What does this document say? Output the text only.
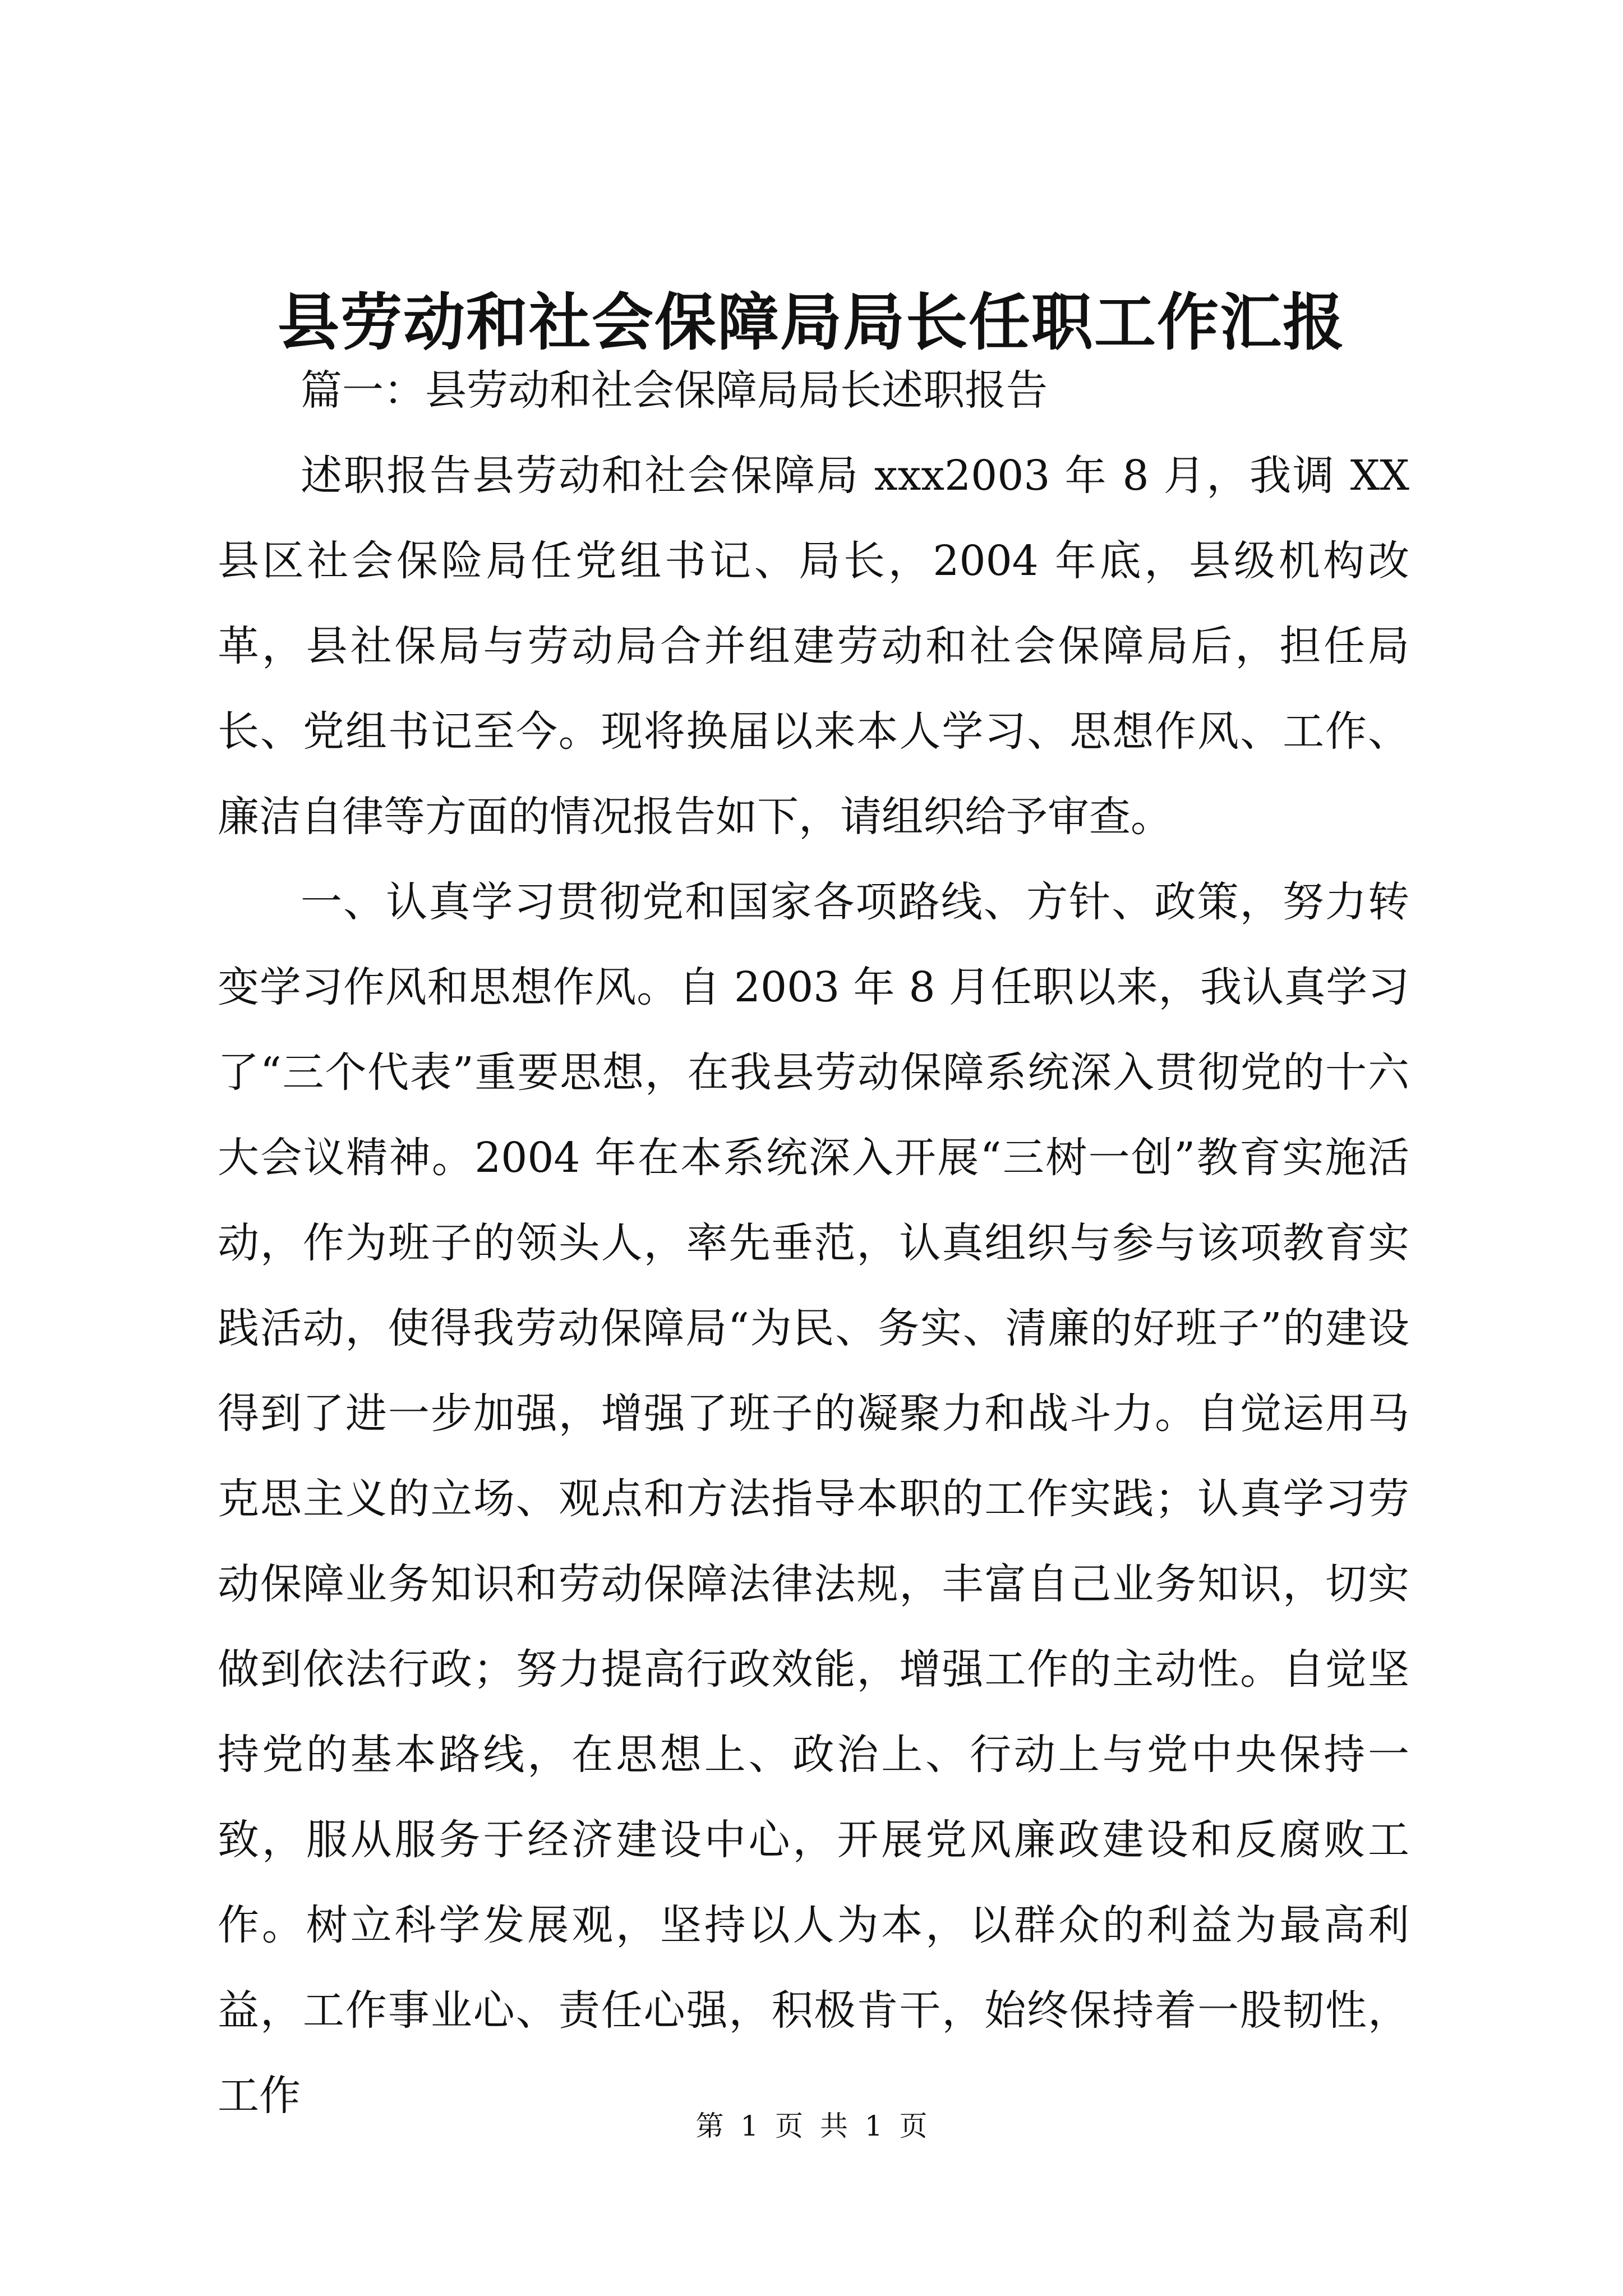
县劳动和社会保障局局长任职工作汇报

篇一：县劳动和社会保障局局长述职报告

述职报告县劳动和社会保障局 xxx2003 年 8 月，我调 XX 县区社会保险局任党组书记、局长，2004 年底，县级机构改革，县社保局与劳动局合并组建劳动和社会保障局后，担任局长、党组书记至今。现将换届以来本人学习、思想作风、工作、廉洁自律等方面的情况报告如下，请组织给予审查。

一、认真学习贯彻党和国家各项路线、方针、政策，努力转变学习作风和思想作风。自 2003 年 8 月任职以来，我认真学习了“三个代表”重要思想，在我县劳动保障系统深入贯彻党的十六大会议精神。2004 年在本系统深入开展“三树一创”教育实施活动，作为班子的领头人，率先垂范，认真组织与参与该项教育实践活动，使得我劳动保障局“为民、务实、清廉的好班子”的建设得到了进一步加强，增强了班子的凝聚力和战斗力。自觉运用马克思主义的立场、观点和方法指导本职的工作实践；认真学习劳动保障业务知识和劳动保障法律法规，丰富自己业务知识，切实做到依法行政；努力提高行政效能，增强工作的主动性。自觉坚持党的基本路线，在思想上、政治上、行动上与党中央保持一致，服从服务于经济建设中心，开展党风廉政建设和反腐败工作。树立科学发展观，坚持以人为本，以群众的利益为最高利益，工作事业心、责任心强，积极肯干，始终保持着一股韧性，工作

第 1 页 共 1 页
